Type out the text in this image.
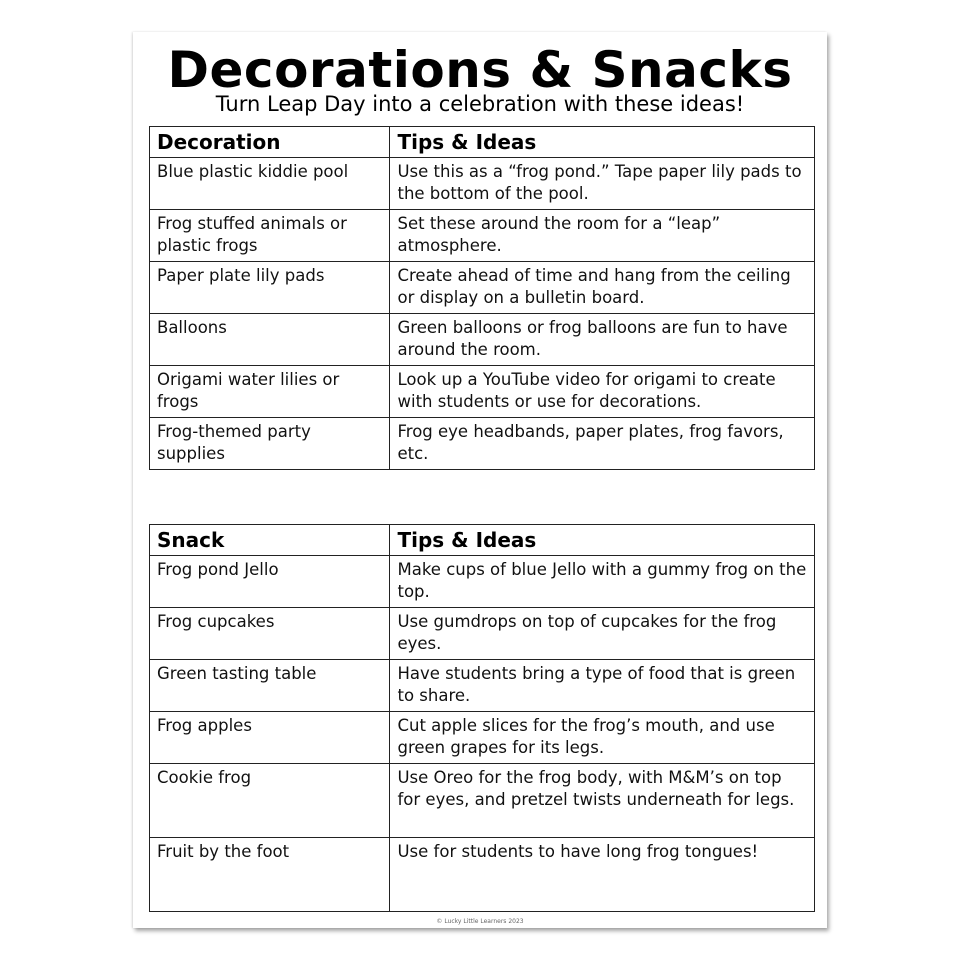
Decorations & Snacks
Turn Leap Day into a celebration with these ideas!
Decoration	Tips & Ideas
Blue plastic kiddie pool	Use this as a “frog pond.” Tape paper lily pads to the bottom of the pool.
Frog stuffed animals or plastic frogs	Set these around the room for a “leap” atmosphere.
Paper plate lily pads	Create ahead of time and hang from the ceiling or display on a bulletin board.
Balloons	Green balloons or frog balloons are fun to have around the room.
Origami water lilies or frogs	Look up a YouTube video for origami to create with students or use for decorations.
Frog-themed party supplies	Frog eye headbands, paper plates, frog favors, etc.
Snack	Tips & Ideas
Frog pond Jello	Make cups of blue Jello with a gummy frog on the top.
Frog cupcakes	Use gumdrops on top of cupcakes for the frog eyes.
Green tasting table	Have students bring a type of food that is green to share.
Frog apples	Cut apple slices for the frog’s mouth, and use green grapes for its legs.
Cookie frog	Use Oreo for the frog body, with M&M’s on top for eyes, and pretzel twists underneath for legs.
Fruit by the foot	Use for students to have long frog tongues!
© Lucky Little Learners 2023
